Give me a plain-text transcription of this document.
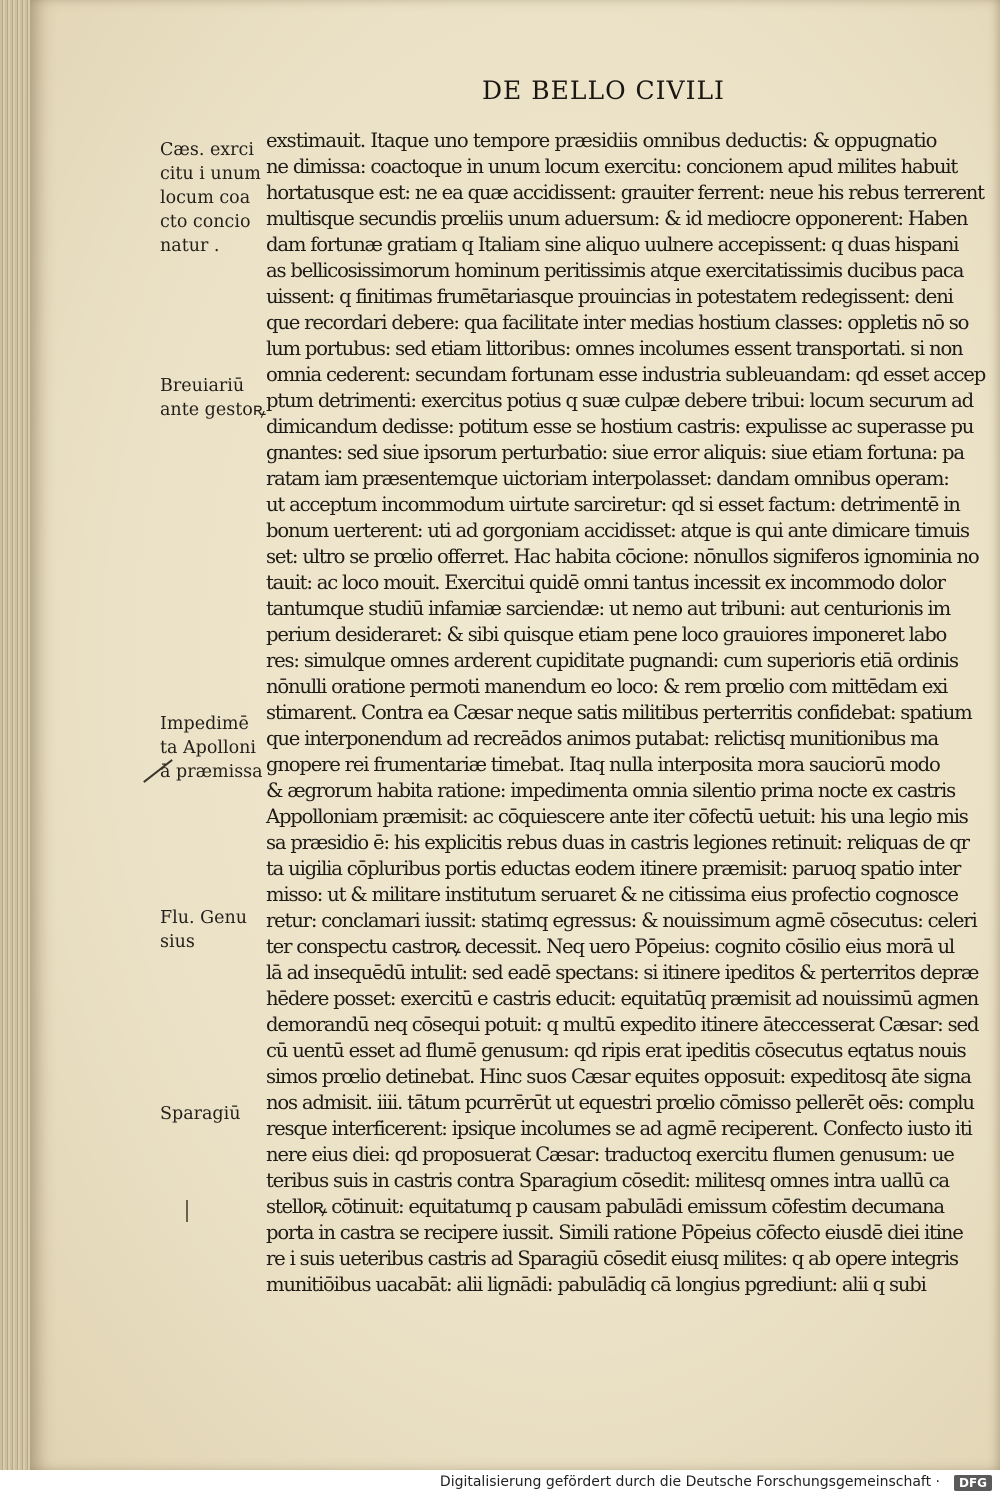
DE BELLO CIVILI

Cæs. exrci
citu i unum
locum coa
cto concio
natur .
Breuiariū
ante gestoꝶ
Impedimē
ta Apolloni
ā præmissa
Flu. Genu
sius
Sparagiū
exstimauit. Itaque uno tempore præsidiis omnibus deductis: & oppugnatio
ne dimissa: coactoque in unum locum exercitu: concionem apud milites habuit
hortatusque est: ne ea quæ accidissent: grauiter ferrent: neue his rebus terrerent
multisque secundis prœliis unum aduersum: & id mediocre opponerent: Haben
dam fortunæ gratiam q Italiam sine aliquo uulnere accepissent: q duas hispani
as bellicosissimorum hominum peritissimis atque exercitatissimis ducibus paca
uissent: q finitimas frumētariasque prouincias in potestatem redegissent: deni
que recordari debere: qua facilitate inter medias hostium classes: oppletis nō so
lum portubus: sed etiam littoribus: omnes incolumes essent transportati. si non
omnia cederent: secundam fortunam esse industria subleuandam: qd esset accep
ptum detrimenti: exercitus potius q suæ culpæ debere tribui: locum securum ad
dimicandum dedisse: potitum esse se hostium castris: expulisse ac superasse pu
gnantes: sed siue ipsorum perturbatio: siue error aliquis: siue etiam fortuna: pa
ratam iam præsentemque uictoriam interpolasset: dandam omnibus operam:
ut acceptum incommodum uirtute sarciretur: qd si esset factum: detrimentē in
bonum uerterent: uti ad gorgoniam accidisset: atque is qui ante dimicare timuis
set: ultro se prœlio offerret. Hac habita cōcione: nōnullos signiferos ignominia no
tauit: ac loco mouit. Exercitui quidē omni tantus incessit ex incommodo dolor
tantumque studiū infamiæ sarciendæ: ut nemo aut tribuni: aut centurionis im
perium desideraret: & sibi quisque etiam pene loco grauiores imponeret labo
res: simulque omnes arderent cupiditate pugnandi: cum superioris etiā ordinis
nōnulli oratione permoti manendum eo loco: & rem prœlio com mittēdam exi
stimarent. Contra ea Cæsar neque satis militibus perterritis confidebat: spatium
que interponendum ad recreādos animos putabat: relictisq munitionibus ma
gnopere rei frumentariæ timebat. Itaq nulla interposita mora sauciorū modo
& ægrorum habita ratione: impedimenta omnia silentio prima nocte ex castris
Appolloniam præmisit: ac cōquiescere ante iter cōfectū uetuit: his una legio mis
sa præsidio ē: his explicitis rebus duas in castris legiones retinuit: reliquas de qr
ta uigilia cōpluribus portis eductas eodem itinere præmisit: paruoq spatio inter
misso: ut & militare institutum seruaret & ne citissima eius profectio cognosce
retur: conclamari iussit: statimq egressus: & nouissimum agmē cōsecutus: celeri
ter conspectu castroꝶ decessit. Neq uero Pōpeius: cognito cōsilio eius morā ul
lā ad insequēdū intulit: sed eadē spectans: si itinere ipeditos & perterritos depræ
hēdere posset: exercitū e castris educit: equitatūq præmisit ad nouissimū agmen
demorandū neq cōsequi potuit: q multū expedito itinere āteccesserat Cæsar: sed
cū uentū esset ad flumē genusum: qd ripis erat ipeditis cōsecutus eqtatus nouis
simos prœlio detinebat. Hinc suos Cæsar equites opposuit: expeditosq āte signa
nos admisit. iiii. tātum pcurrērūt ut equestri prœlio cōmisso pellerēt oēs: complu
resque interficerent: ipsique incolumes se ad agmē reciperent. Confecto iusto iti
nere eius diei: qd proposuerat Cæsar: traductoq exercitu flumen genusum: ue
teribus suis in castris contra Sparagium cōsedit: militesq omnes intra uallū ca
stelloꝶ cōtinuit: equitatumq p causam pabulādi emissum cōfestim decumana
porta in castra se recipere iussit. Simili ratione Pōpeius cōfecto eiusdē diei itine
re i suis ueteribus castris ad Sparagiū cōsedit eiusq milites: q ab opere integris
munitiōibus uacabāt: alii lignādi: pabulādiq cā longius pgrediunt: alii q subi
Digitalisierung gefördert durch die Deutsche Forschungsgemeinschaft ·	DFG
